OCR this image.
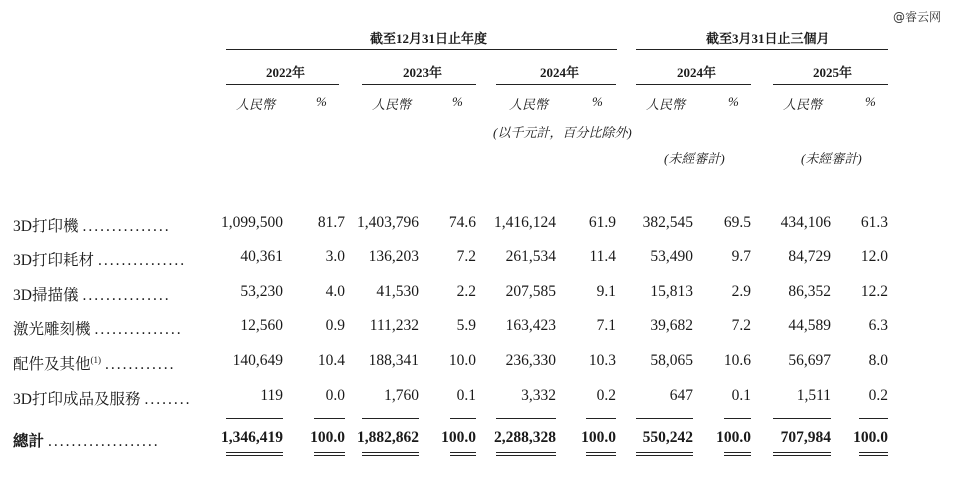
@睿云网
截至12月31日止年度	截至3月31日止三個月
2022年	2023年	2024年	2024年	2025年
人民幣	%	人民幣	%	人民幣	%	人民幣	%	人民幣	%
(以千元計，百分比除外)
(未經審計)	(未經審計)
3D打印機 ...............	1,099,500	81.7 1,403,796	74.6	1,416,124	61.9	382,545	69.5	434,106	61.3
3D打印耗材 ...............	40,361	3.0	136,203	7.2	261,534	11.4	53,490	9.7	84,729	12.0
3D掃描儀 ...............	53,230	4.0	41,530	2.2	207,585	9.1	15,813	2.9	86,352	12.2
激光雕刻機 ...............	12,560	0.9	111,232	5.9	163,423	7.1	39,682	7.2	44,589	6.3
配件及其他$^{(1)}$ ............	140,649	10.4	188,341	10.0	236,330	10.3	58,065	10.6	56,697	8.0
3D打印成品及服務 ........	119	0.0	1,760	0.1	3,332	0.2	647	0.1	1,511	0.2
總計 ...................	1,346,419	100.0 1,882,862	100.0	2,288,328	100.0	550,242	100.0	707,984	100.0
